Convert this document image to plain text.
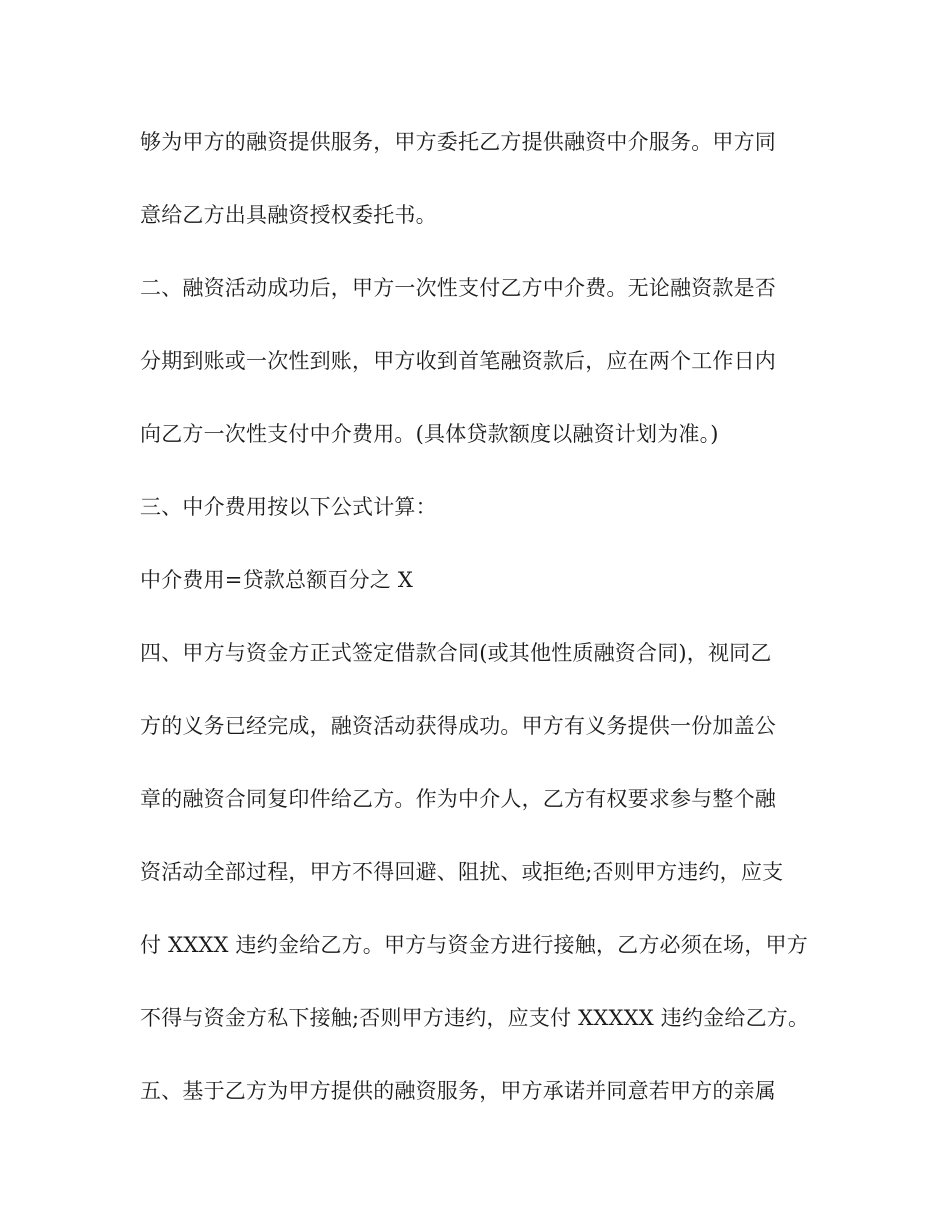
够为甲方的融资提供服务，甲方委托乙方提供融资中介服务。甲方同
意给乙方出具融资授权委托书。
二、融资活动成功后，甲方一次性支付乙方中介费。无论融资款是否
分期到账或一次性到账，甲方收到首笔融资款后，应在两个工作日内
向乙方一次性支付中介费用。(具体贷款额度以融资计划为准。)
三、中介费用按以下公式计算：
中介费用=贷款总额百分之 X
四、甲方与资金方正式签定借款合同(或其他性质融资合同)，视同乙
方的义务已经完成，融资活动获得成功。甲方有义务提供一份加盖公
章的融资合同复印件给乙方。作为中介人，乙方有权要求参与整个融
资活动全部过程，甲方不得回避、阻扰、或拒绝;否则甲方违约，应支
付 XXXX 违约金给乙方。甲方与资金方进行接触，乙方必须在场，甲方
不得与资金方私下接触;否则甲方违约，应支付 XXXXX 违约金给乙方。
五、基于乙方为甲方提供的融资服务，甲方承诺并同意若甲方的亲属
